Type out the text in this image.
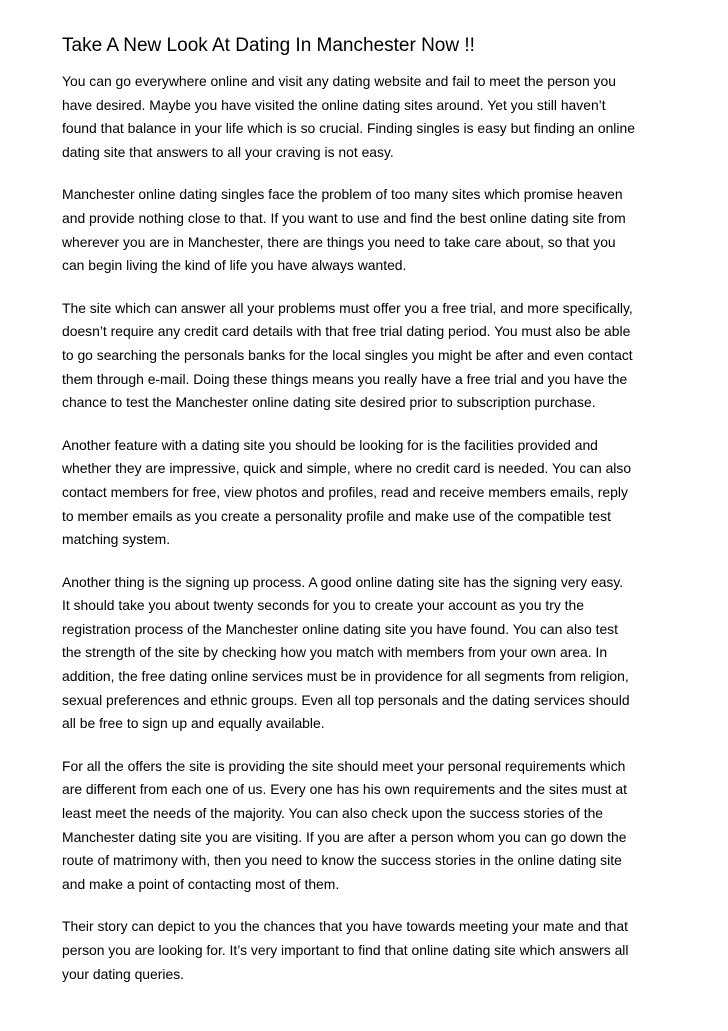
Take A New Look At Dating In Manchester Now !!

You can go everywhere online and visit any dating website and fail to meet the person you
have desired. Maybe you have visited the online dating sites around. Yet you still haven’t
found that balance in your life which is so crucial. Finding singles is easy but finding an online
dating site that answers to all your craving is not easy.

Manchester online dating singles face the problem of too many sites which promise heaven
and provide nothing close to that. If you want to use and find the best online dating site from
wherever you are in Manchester, there are things you need to take care about, so that you
can begin living the kind of life you have always wanted.

The site which can answer all your problems must offer you a free trial, and more specifically,
doesn’t require any credit card details with that free trial dating period. You must also be able
to go searching the personals banks for the local singles you might be after and even contact
them through e-mail. Doing these things means you really have a free trial and you have the
chance to test the Manchester online dating site desired prior to subscription purchase.

Another feature with a dating site you should be looking for is the facilities provided and
whether they are impressive, quick and simple, where no credit card is needed. You can also
contact members for free, view photos and profiles, read and receive members emails, reply
to member emails as you create a personality profile and make use of the compatible test
matching system.

Another thing is the signing up process. A good online dating site has the signing very easy.
It should take you about twenty seconds for you to create your account as you try the
registration process of the Manchester online dating site you have found. You can also test
the strength of the site by checking how you match with members from your own area. In
addition, the free dating online services must be in providence for all segments from religion,
sexual preferences and ethnic groups. Even all top personals and the dating services should
all be free to sign up and equally available.

For all the offers the site is providing the site should meet your personal requirements which
are different from each one of us. Every one has his own requirements and the sites must at
least meet the needs of the majority. You can also check upon the success stories of the
Manchester dating site you are visiting. If you are after a person whom you can go down the
route of matrimony with, then you need to know the success stories in the online dating site
and make a point of contacting most of them.

Their story can depict to you the chances that you have towards meeting your mate and that
person you are looking for. It’s very important to find that online dating site which answers all
your dating queries.
